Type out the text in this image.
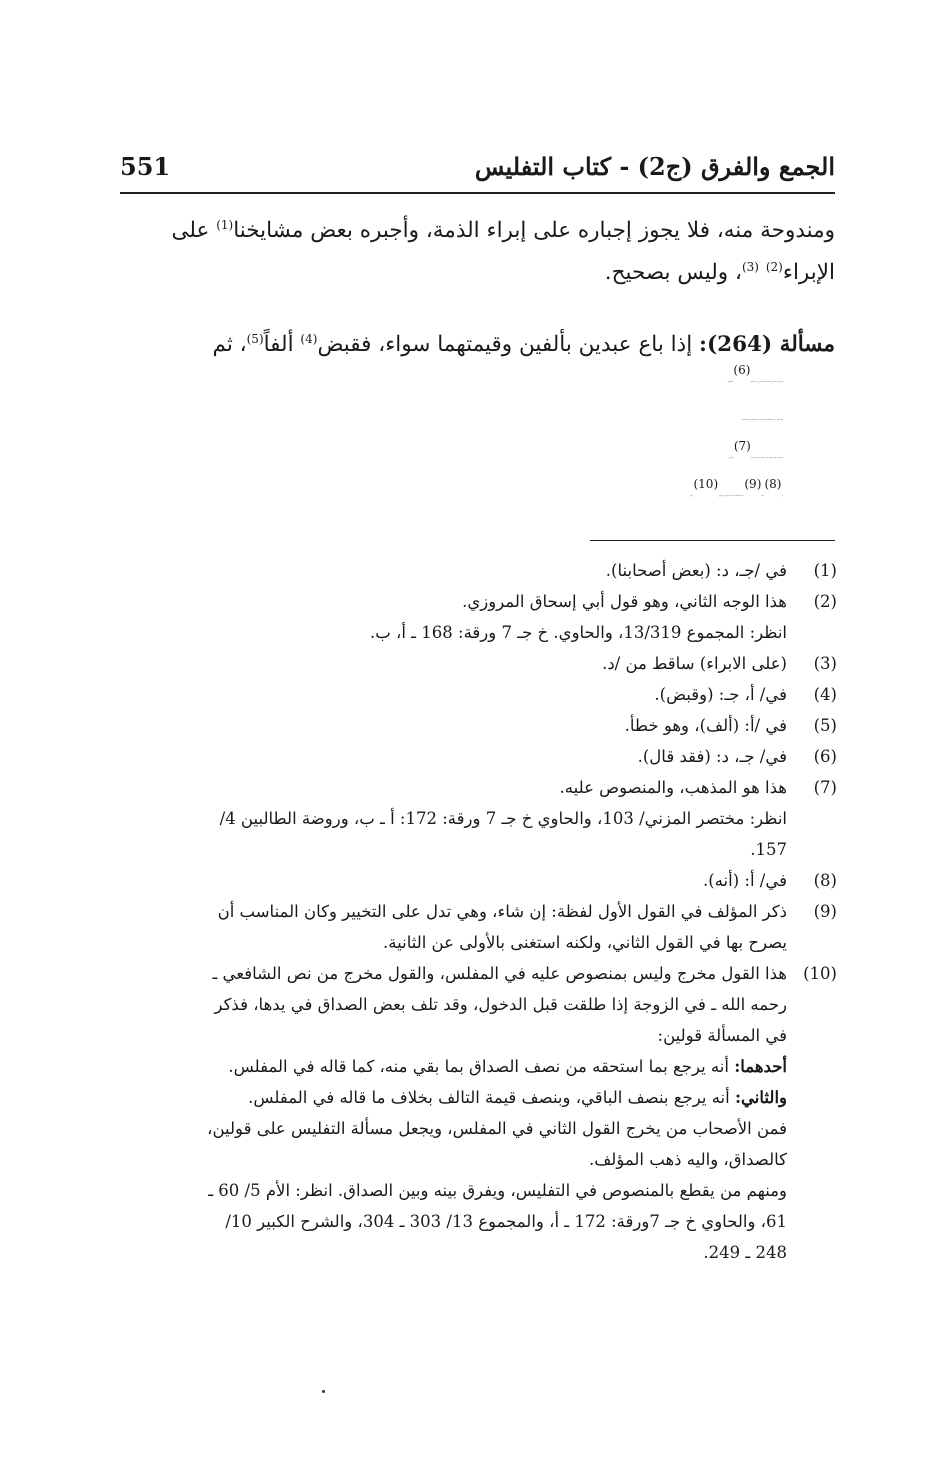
الجمع والفرق (ج2) - كتاب التفليس
551
ومندوحة منه، فلا يجوز إجباره على إبراء الذمة، وأجبره بعض مشايخنا$^{(1)}$ على
الإبراء$^{(2)}$ $^{(3)}$، وليس بصحيح.
مسألة (264): إذا باع عبدين بألفين وقيمتهما سواء، فقبض$^{(4)}$ ألفاً$^{(5)}$، ثم
حجر على المشتري، ومات أحد العبدين في يده، فقال$^{(6)}$ الشافعي ـ
رحمه الله ـ: في المسألة قولان: أحدهما: أن البائع إن شاء أخذ العبد
بحصته من الثمن وهو ما بقي، وذلك على جهة الحصر$^{(7)}$. والثاني:
أن$^{(8)}$ يأخذ$^{(9)}$ نصف هذا العبد بنصف ما بقي له من الدين$^{(10)}$، وهو
(1)
في /جـ، د: (بعض أصحابنا).
(2)
هذا الوجه الثاني، وهو قول أبي إسحاق المروزي.
انظر: المجموع 13/319، والحاوي. خ جـ 7 ورقة: 168 ـ أ، ب.
(3)
(على الابراء) ساقط من /د.
(4)
في/ أ، جـ: (وقبض).
(5)
في /أ: (ألف)، وهو خطأ.
(6)
في/ جـ، د: (فقد قال).
(7)
هذا هو المذهب، والمنصوص عليه.
انظر: مختصر المزني/ 103، والحاوي خ جـ 7 ورقة: 172: أ ـ ب، وروضة الطالبين 4/
157.
(8)
في/ أ: (أنه).
(9)
ذكر المؤلف في القول الأول لفظة: إن شاء، وهي تدل على التخيير وكان المناسب أن
يصرح بها في القول الثاني، ولكنه استغنى بالأولى عن الثانية.
(10)
هذا القول مخرج وليس بمنصوص عليه في المفلس، والقول مخرج من نص الشافعي ـ
رحمه الله ـ في الزوجة إذا طلقت قبل الدخول، وقد تلف بعض الصداق في يدها، فذكر
في المسألة قولين:
أحدهما: أنه يرجع بما استحقه من نصف الصداق بما بقي منه، كما قاله في المفلس.
والثاني: أنه يرجع بنصف الباقي، وبنصف قيمة التالف بخلاف ما قاله في المفلس.
فمن الأصحاب من يخرج القول الثاني في المفلس، ويجعل مسألة التفليس على قولين،
كالصداق، واليه ذهب المؤلف.
ومنهم من يقطع بالمنصوص في التفليس، ويفرق بينه وبين الصداق. انظر: الأم 5/ 60 ـ
61، والحاوي خ جـ 7ورقة: 172 ـ أ، والمجموع 13/ 303 ـ 304، والشرح الكبير 10/
248 ـ 249.
